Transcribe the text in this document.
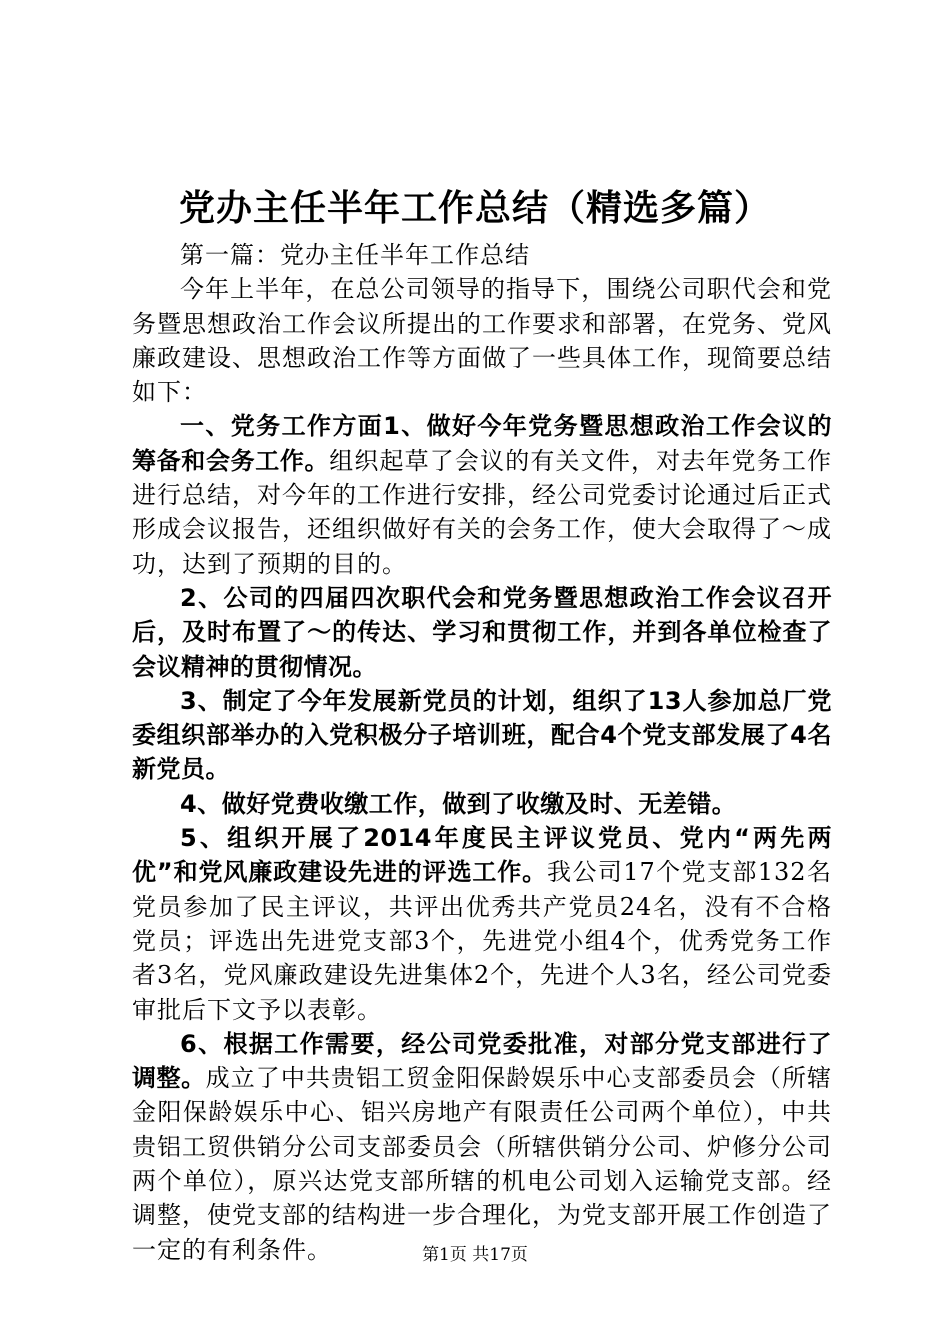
党办主任半年工作总结（精选多篇）

第一篇：党办主任半年工作总结

今年上半年，在总公司领导的指导下，围绕公司职代会和党务暨思想政治工作会议所提出的工作要求和部署，在党务、党风廉政建设、思想政治工作等方面做了一些具体工作，现简要总结如下：

一、党务工作方面1、做好今年党务暨思想政治工作会议的筹备和会务工作。组织起草了会议的有关文件，对去年党务工作进行总结，对今年的工作进行安排，经公司党委讨论通过后正式形成会议报告，还组织做好有关的会务工作，使大会取得了～成功，达到了预期的目的。

2、公司的四届四次职代会和党务暨思想政治工作会议召开后，及时布置了～的传达、学习和贯彻工作，并到各单位检查了会议精神的贯彻情况。

3、制定了今年发展新党员的计划，组织了13人参加总厂党委组织部举办的入党积极分子培训班，配合4个党支部发展了4名新党员。

4、做好党费收缴工作，做到了收缴及时、无差错。

5、组织开展了2014年度民主评议党员、党内“两先两优”和党风廉政建设先进的评选工作。我公司17个党支部132名党员参加了民主评议，共评出优秀共产党员24名，没有不合格党员；评选出先进党支部3个，先进党小组4个，优秀党务工作者3名，党风廉政建设先进集体2个，先进个人3名，经公司党委审批后下文予以表彰。

6、根据工作需要，经公司党委批准，对部分党支部进行了调整。成立了中共贵铝工贸金阳保龄娱乐中心支部委员会（所辖金阳保龄娱乐中心、铝兴房地产有限责任公司两个单位），中共贵铝工贸供销分公司支部委员会（所辖供销分公司、炉修分公司两个单位），原兴达党支部所辖的机电公司划入运输党支部。经调整，使党支部的结构进一步合理化，为党支部开展工作创造了一定的有利条件。	第1页 共17页
